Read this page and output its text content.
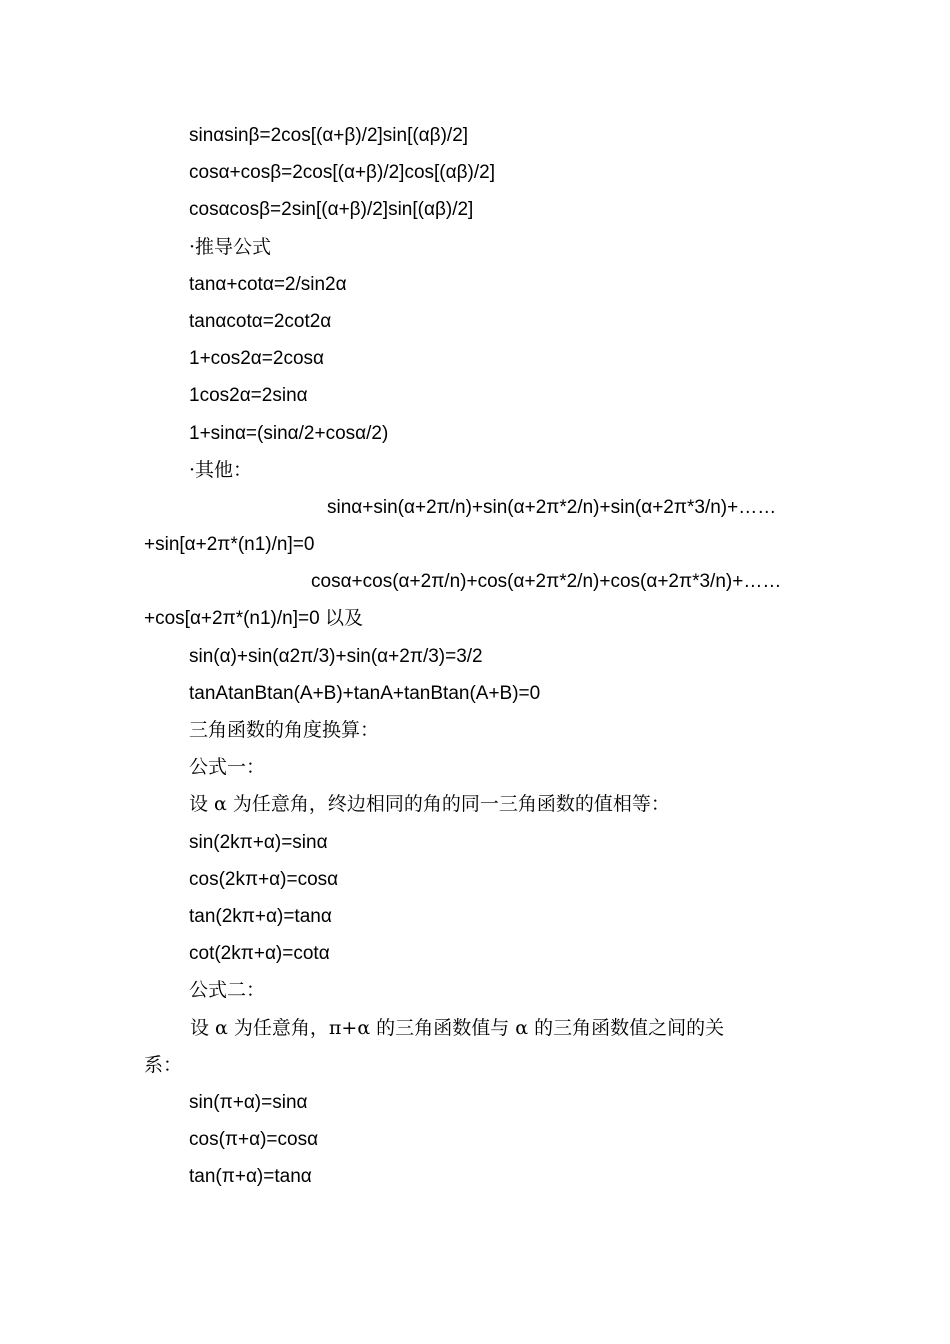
sinαsinβ=2cos[(α+β)/2]sin[(αβ)/2]
cosα+cosβ=2cos[(α+β)/2]cos[(αβ)/2]
cosαcosβ=2sin[(α+β)/2]sin[(αβ)/2]
·推导公式
tanα+cotα=2/sin2α
tanαcotα=2cot2α
1+cos2α=2cosα
1cos2α=2sinα
1+sinα=(sinα/2+cosα/2)
·其他：
sinα+sin(α+2π/n)+sin(α+2π*2/n)+sin(α+2π*3/n)+……
+sin[α+2π*(n1)/n]=0
cosα+cos(α+2π/n)+cos(α+2π*2/n)+cos(α+2π*3/n)+……
+cos[α+2π*(n1)/n]=0 以及
sin(α)+sin(α2π/3)+sin(α+2π/3)=3/2
tanAtanBtan(A+B)+tanA+tanBtan(A+B)=0
三角函数的角度换算：
公式一：
设 α 为任意角，终边相同的角的同一三角函数的值相等：
sin(2kπ+α)=sinα
cos(2kπ+α)=cosα
tan(2kπ+α)=tanα
cot(2kπ+α)=cotα
公式二：
设 α 为任意角，π+α 的三角函数值与 α 的三角函数值之间的关
系：
sin(π+α)=sinα
cos(π+α)=cosα
tan(π+α)=tanα
